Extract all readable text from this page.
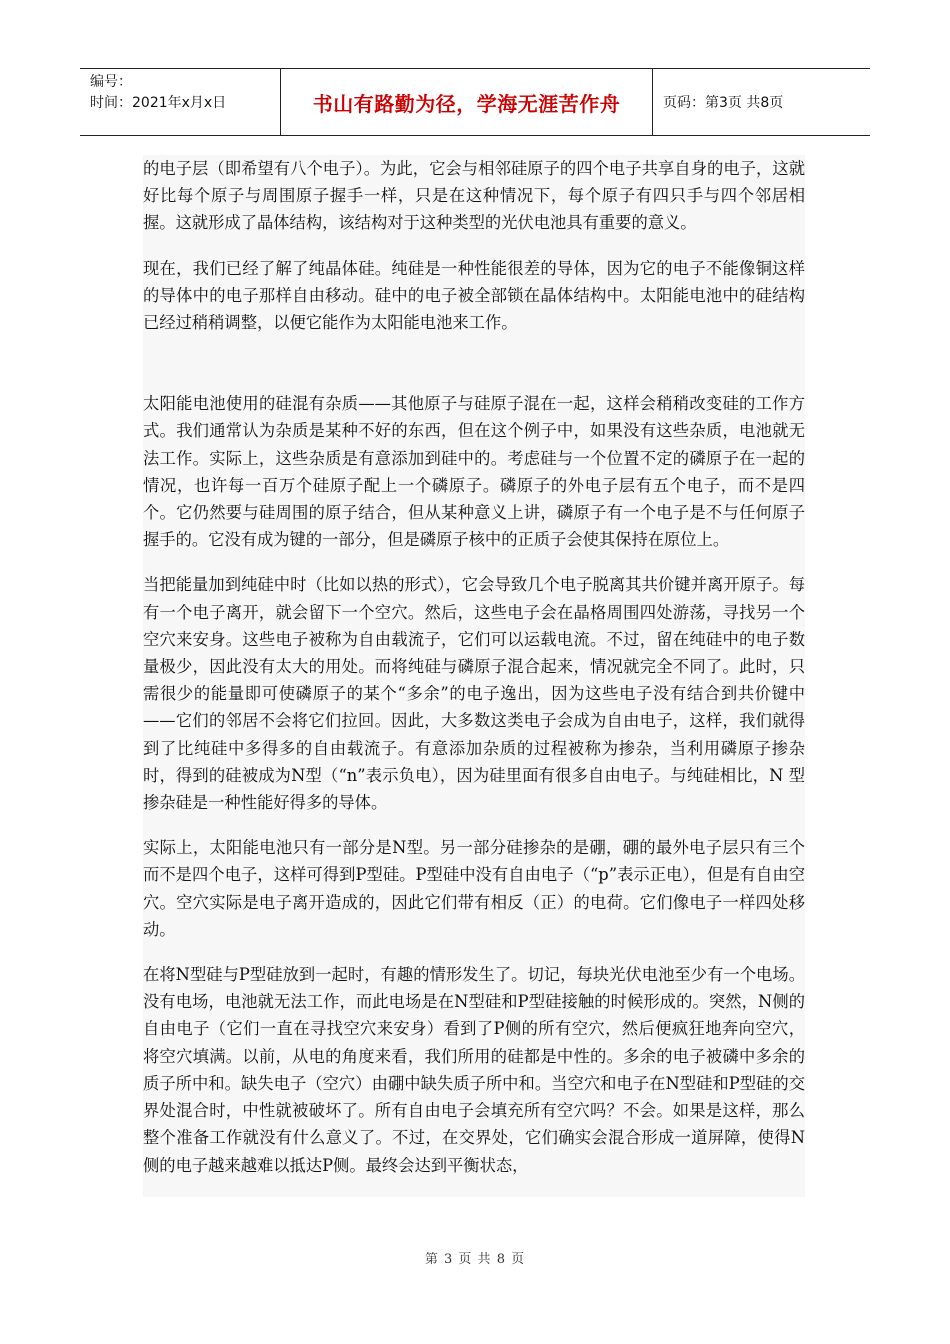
编号：
时间：2021年x月x日	书山有路勤为径，学海无涯苦作舟	页码：第3页 共8页

的电子层（即希望有八个电子）。为此，它会与相邻硅原子的四个电子共享自身的电子，这就好比每个原子与周围原子握手一样，只是在这种情况下，每个原子有四只手与四个邻居相握。这就形成了晶体结构，该结构对于这种类型的光伏电池具有重要的意义。

现在，我们已经了解了纯晶体硅。纯硅是一种性能很差的导体，因为它的电子不能像铜这样的导体中的电子那样自由移动。硅中的电子被全部锁在晶体结构中。太阳能电池中的硅结构已经过稍稍调整，以便它能作为太阳能电池来工作。

太阳能电池使用的硅混有杂质——其他原子与硅原子混在一起，这样会稍稍改变硅的工作方式。我们通常认为杂质是某种不好的东西，但在这个例子中，如果没有这些杂质，电池就无法工作。实际上，这些杂质是有意添加到硅中的。考虑硅与一个位置不定的磷原子在一起的情况，也许每一百万个硅原子配上一个磷原子。磷原子的外电子层有五个电子，而不是四个。它仍然要与硅周围的原子结合，但从某种意义上讲，磷原子有一个电子是不与任何原子握手的。它没有成为键的一部分，但是磷原子核中的正质子会使其保持在原位上。

当把能量加到纯硅中时（比如以热的形式），它会导致几个电子脱离其共价键并离开原子。每有一个电子离开，就会留下一个空穴。然后，这些电子会在晶格周围四处游荡，寻找另一个空穴来安身。这些电子被称为自由载流子，它们可以运载电流。不过，留在纯硅中的电子数量极少，因此没有太大的用处。而将纯硅与磷原子混合起来，情况就完全不同了。此时，只需很少的能量即可使磷原子的某个“多余”的电子逸出，因为这些电子没有结合到共价键中——它们的邻居不会将它们拉回。因此，大多数这类电子会成为自由电子，这样，我们就得到了比纯硅中多得多的自由载流子。有意添加杂质的过程被称为掺杂，当利用磷原子掺杂时，得到的硅被成为N型（“n”表示负电），因为硅里面有很多自由电子。与纯硅相比，N 型掺杂硅是一种性能好得多的导体。

实际上，太阳能电池只有一部分是N型。另一部分硅掺杂的是硼，硼的最外电子层只有三个而不是四个电子，这样可得到P型硅。P型硅中没有自由电子（“p”表示正电），但是有自由空穴。空穴实际是电子离开造成的，因此它们带有相反（正）的电荷。它们像电子一样四处移动。

在将N型硅与P型硅放到一起时，有趣的情形发生了。切记，每块光伏电池至少有一个电场。没有电场，电池就无法工作，而此电场是在N型硅和P型硅接触的时候形成的。突然，N侧的自由电子（它们一直在寻找空穴来安身）看到了P侧的所有空穴，然后便疯狂地奔向空穴，将空穴填满。以前，从电的角度来看，我们所用的硅都是中性的。多余的电子被磷中多余的质子所中和。缺失电子（空穴）由硼中缺失质子所中和。当空穴和电子在N型硅和P型硅的交界处混合时，中性就被破坏了。所有自由电子会填充所有空穴吗？不会。如果是这样，那么整个准备工作就没有什么意义了。不过，在交界处，它们确实会混合形成一道屏障，使得N侧的电子越来越难以抵达P侧。最终会达到平衡状态，

第 3 页 共 8 页
